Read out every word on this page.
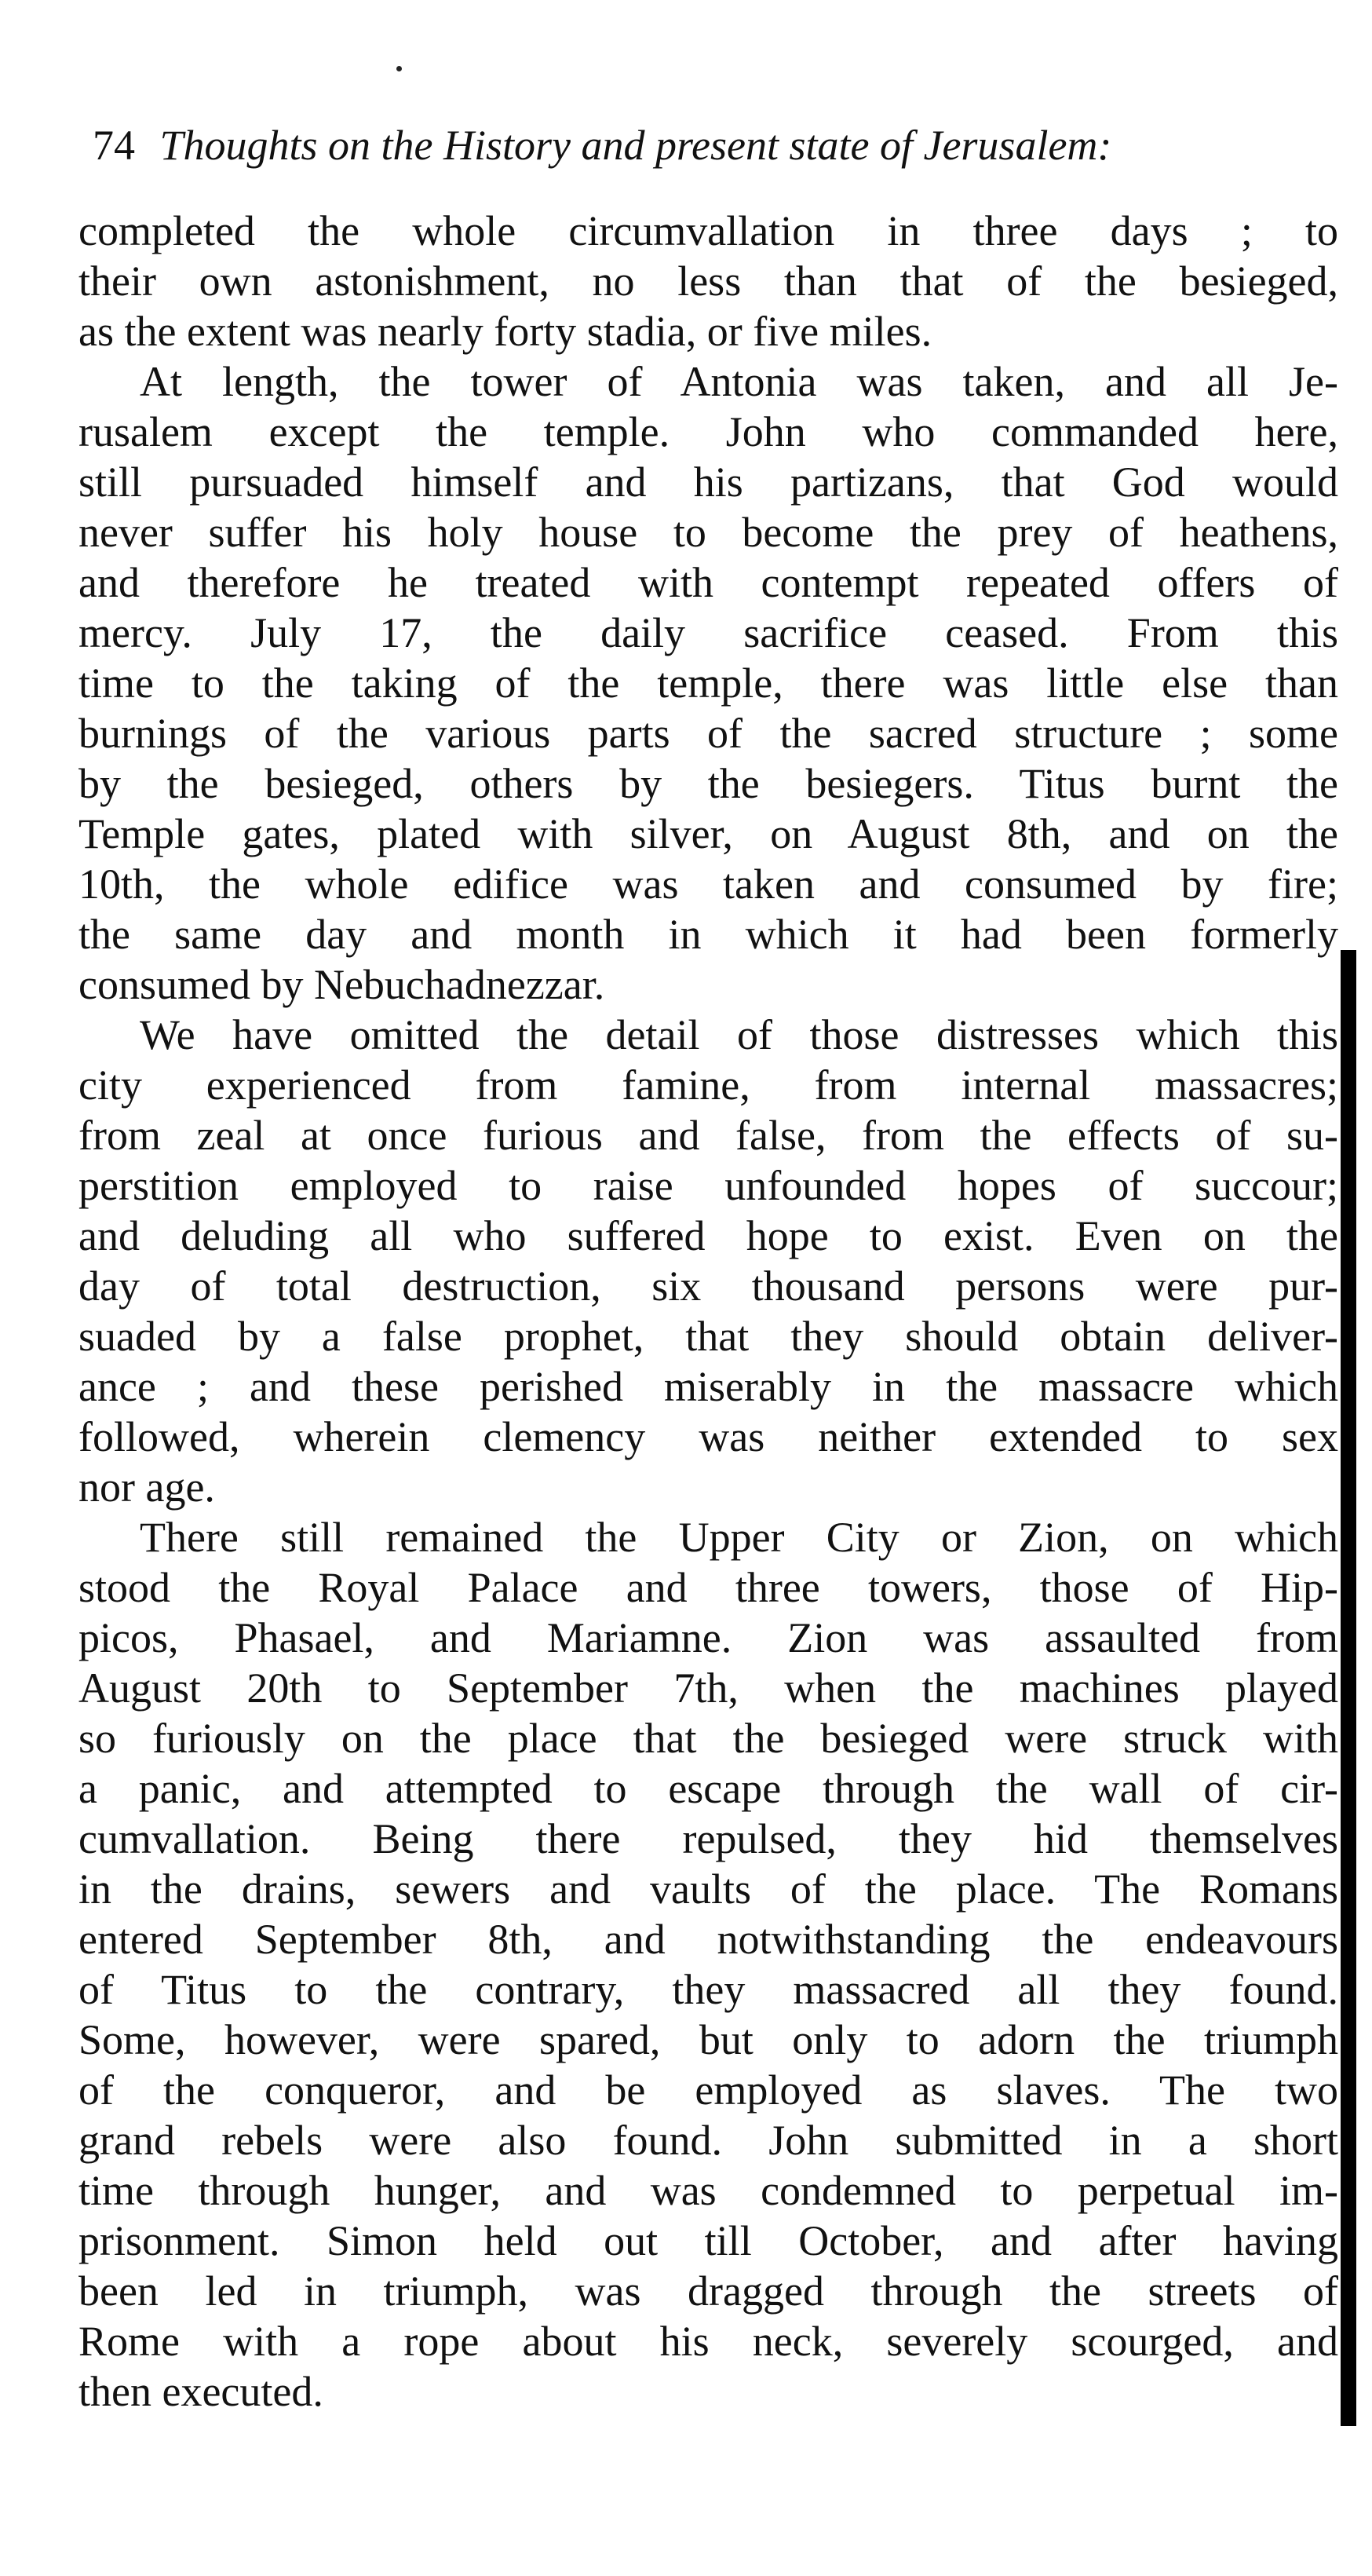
74 Thoughts on the History and present state of Jerusalem:
completed the whole circumvallation in three days ; to
their own astonishment, no less than that of the besieged,
as the extent was nearly forty stadia, or five miles.
At length, the tower of Antonia was taken, and all Je-
rusalem except the temple. John who commanded here,
still pursuaded himself and his partizans, that God would
never suffer his holy house to become the prey of heathens,
and therefore he treated with contempt repeated offers of
mercy. July 17, the daily sacrifice ceased. From this
time to the taking of the temple, there was little else than
burnings of the various parts of the sacred structure ; some
by the besieged, others by the besiegers. Titus burnt the
Temple gates, plated with silver, on August 8th, and on the
10th, the whole edifice was taken and consumed by fire;
the same day and month in which it had been formerly
consumed by Nebuchadnezzar.
We have omitted the detail of those distresses which this
city experienced from famine, from internal massacres;
from zeal at once furious and false, from the effects of su-
perstition employed to raise unfounded hopes of succour;
and deluding all who suffered hope to exist. Even on the
day of total destruction, six thousand persons were pur-
suaded by a false prophet, that they should obtain deliver-
ance ; and these perished miserably in the massacre which
followed, wherein clemency was neither extended to sex
nor age.
There still remained the Upper City or Zion, on which
stood the Royal Palace and three towers, those of Hip-
picos, Phasael, and Mariamne. Zion was assaulted from
August 20th to September 7th, when the machines played
so furiously on the place that the besieged were struck with
a panic, and attempted to escape through the wall of cir-
cumvallation. Being there repulsed, they hid themselves
in the drains, sewers and vaults of the place. The Romans
entered September 8th, and notwithstanding the endeavours
of Titus to the contrary, they massacred all they found.
Some, however, were spared, but only to adorn the triumph
of the conqueror, and be employed as slaves. The two
grand rebels were also found. John submitted in a short
time through hunger, and was condemned to perpetual im-
prisonment. Simon held out till October, and after having
been led in triumph, was dragged through the streets of
Rome with a rope about his neck, severely scourged, and
then executed.
